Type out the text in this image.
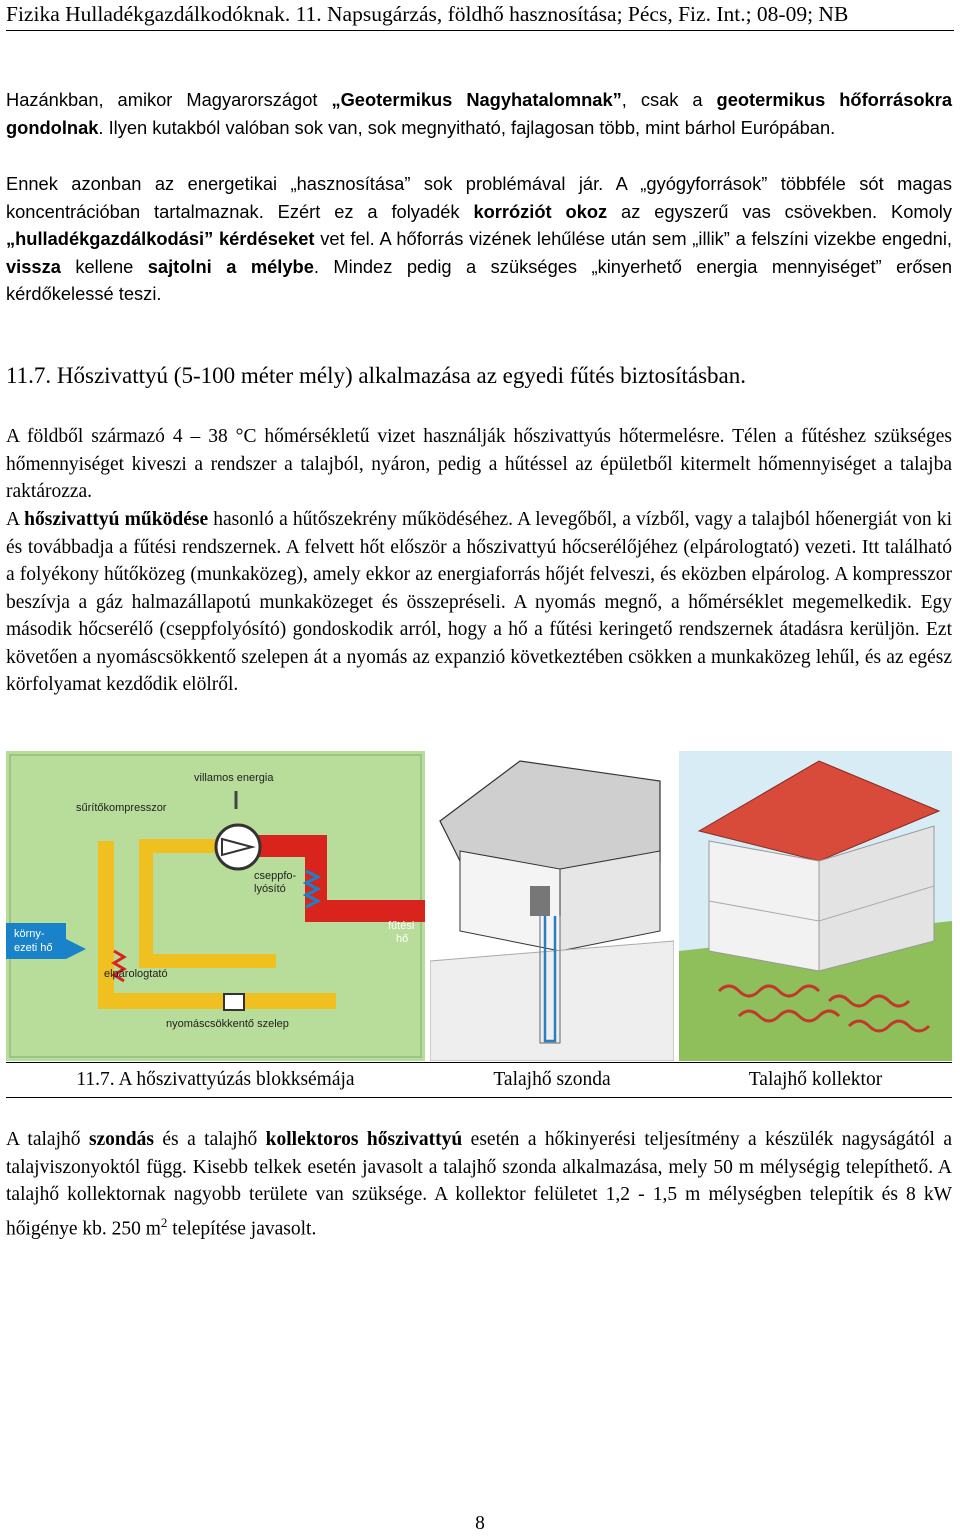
Fizika Hulladékgazdálkodóknak. 11. Napsugárzás, földhő hasznosítása; Pécs, Fiz. Int.; 08-09; NB
Hazánkban, amikor Magyarországot „Geotermikus Nagyhatalomnak”, csak a geotermikus hőforrásokra gondolnak. Ilyen kutakból valóban sok van, sok megnyitható, fajlagosan több, mint bárhol Európában.
Ennek azonban az energetikai „hasznosítása” sok problémával jár. A „gyógyforrások” többféle sót magas koncentrációban tartalmaznak. Ezért ez a folyadék korróziót okoz az egyszerű vas csövekben. Komoly „hulladékgazdálkodási” kérdéseket vet fel. A hőforrás vizének lehűlése után sem „illik” a felszíni vizekbe engedni, vissza kellene sajtolni a mélybe. Mindez pedig a szükséges „kinyerhető energia mennyiséget” erősen kérdőkelessé teszi.
11.7. Hőszivattyú (5-100 méter mély) alkalmazása az egyedi fűtés biztosításban.
A földből származó 4 – 38 °C hőmérsékletű vizet használják hőszivattyús hőtermelésre. Télen a fűtéshez szükséges hőmennyiséget kiveszi a rendszer a talajból, nyáron, pedig a hűtéssel az épületből kitermelt hőmennyiséget a talajba raktározza.
A hőszivattyú működése hasonló a hűtőszekrény működéséhez. A levegőből, a vízből, vagy a talajból hőenergiát von ki és továbbadja a fűtési rendszernek. A felvett hőt először a hőszivattyú hőcserélőjéhez (elpárologtató) vezeti. Itt található a folyékony hűtőközeg (munkaközeg), amely ekkor az energiaforrás hőjét felveszi, és eközben elpárolog. A kompresszor beszívja a gáz halmazállapotú munkaközeget és összepréseli. A nyomás megnő, a hőmérséklet megemelkedik. Egy második hőcserélő (cseppfolyósító) gondoskodik arról, hogy a hő a fűtési keringető rendszernek átadásra kerüljön. Ezt követően a nyomáscsökkentő szelepen át a nyomás az expanzió következtében csökken a munkaközeg lehűl, és az egész körfolyamat kezdődik elölről.
villamos energia
sűrítőkompresszor
cseppfo-
lyósító
fűtési
hő
körny-
ezeti hő
elpárologtató
nyomáscsökkentő szelep
11.7. A hőszivattyúzás blokksémája	Talajhő szonda	Talajhő kollektor
A talajhő szondás és a talajhő kollektoros hőszivattyú esetén a hőkinyerési teljesítmény a készülék nagyságától a talajviszonyoktól függ. Kisebb telkek esetén javasolt a talajhő szonda alkalmazása, mely 50 m mélységig telepíthető. A talajhő kollektornak nagyobb területe van szüksége. A kollektor felületet 1,2 - 1,5 m mélységben telepítik és 8 kW hőigénye kb. 250 $m^2$ telepítése javasolt.
8
